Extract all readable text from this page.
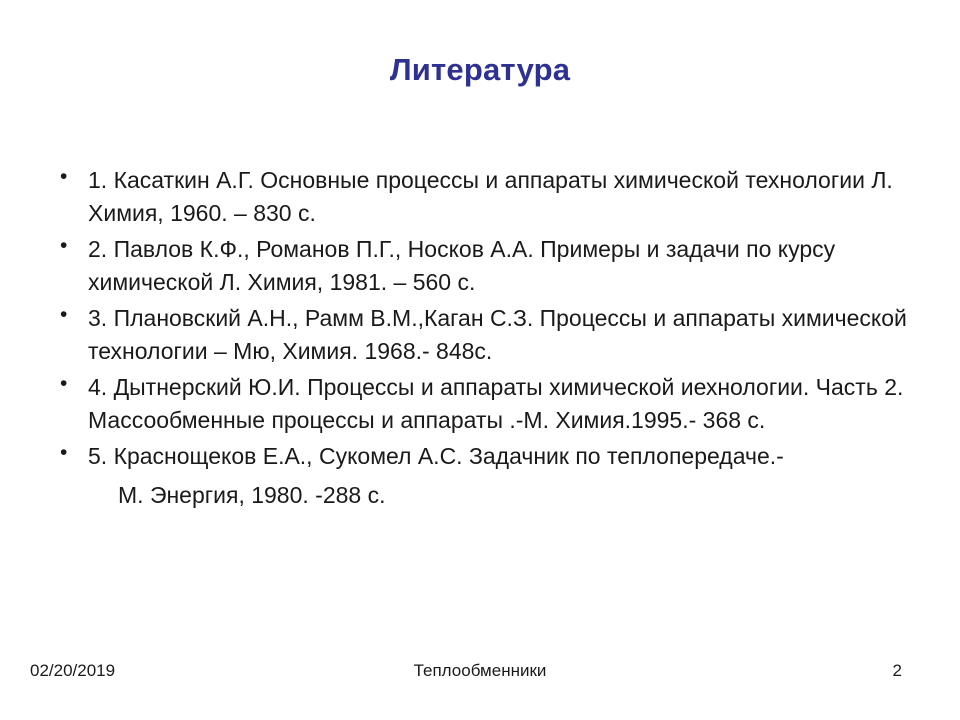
Литература
• 1. Касаткин А.Г. Основные процессы и аппараты химической технологии Л. Химия, 1960. – 830 с.
• 2. Павлов К.Ф., Романов П.Г., Носков А.А. Примеры и задачи по курсу химической Л. Химия, 1981. – 560 с.
• 3. Плановский А.Н., Рамм В.М.,Каган С.З. Процессы и аппараты химической технологии – Мю, Химия. 1968.- 848с.
• 4. Дытнерский Ю.И. Процессы и аппараты химической иехнологии. Часть 2. Массообменные процессы и аппараты .-М. Химия.1995.- 368 с.
• 5. Краснощеков Е.А., Сукомел А.С. Задачник по теплопередаче.-
М. Энергия, 1980. -288 с.
02/20/2019	Теплообменники	2
